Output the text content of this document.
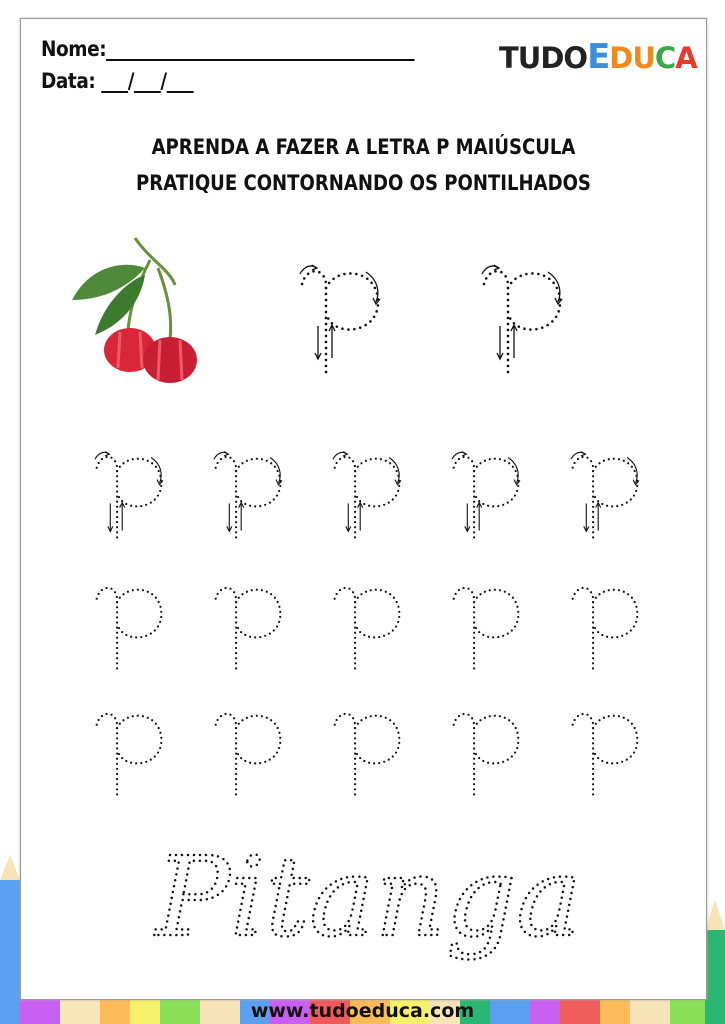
Nome:___________________________________
Data: ___/___/___
TUDOEDUCA
APRENDA A FAZER A LETRA P MAIÚSCULA
PRATIQUE CONTORNANDO OS PONTILHADOS
Pitanga
www.tudoeduca.com
